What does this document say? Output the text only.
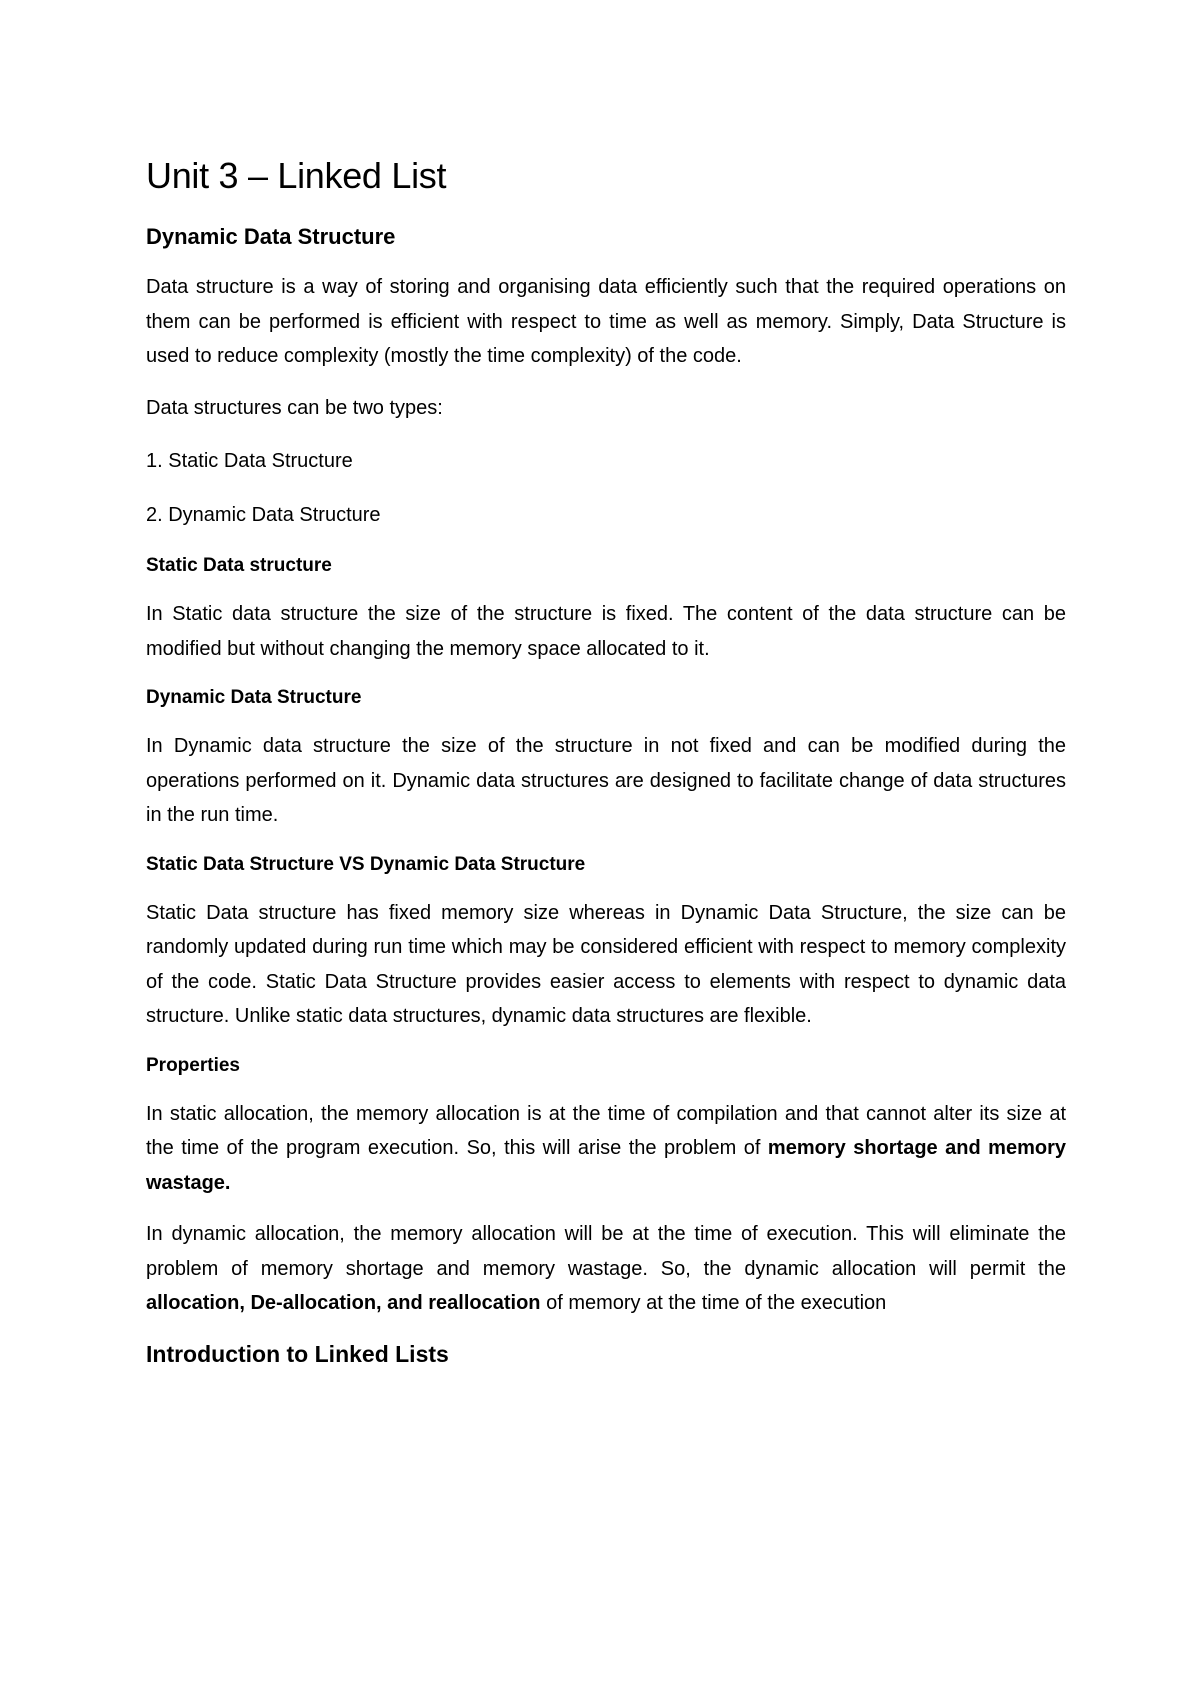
Unit 3 – Linked List
Dynamic Data Structure

Data structure is a way of storing and organising data efficiently such that the required operations on them can be performed is efficient with respect to time as well as memory. Simply, Data Structure is used to reduce complexity (mostly the time complexity) of the code.

Data structures can be two types:

1. Static Data Structure

2. Dynamic Data Structure

Static Data structure

In Static data structure the size of the structure is fixed. The content of the data structure can be modified but without changing the memory space allocated to it.

Dynamic Data Structure

In Dynamic data structure the size of the structure in not fixed and can be modified during the operations performed on it. Dynamic data structures are designed to facilitate change of data structures in the run time.

Static Data Structure VS Dynamic Data Structure

Static Data structure has fixed memory size whereas in Dynamic Data Structure, the size can be randomly updated during run time which may be considered efficient with respect to memory complexity of the code. Static Data Structure provides easier access to elements with respect to dynamic data structure. Unlike static data structures, dynamic data structures are flexible.

Properties

In static allocation, the memory allocation is at the time of compilation and that cannot alter its size at the time of the program execution. So, this will arise the problem of memory shortage and memory wastage.

In dynamic allocation, the memory allocation will be at the time of execution. This will eliminate the problem of memory shortage and memory wastage. So, the dynamic allocation will permit the allocation, De-allocation, and reallocation of memory at the time of the execution

Introduction to Linked Lists
